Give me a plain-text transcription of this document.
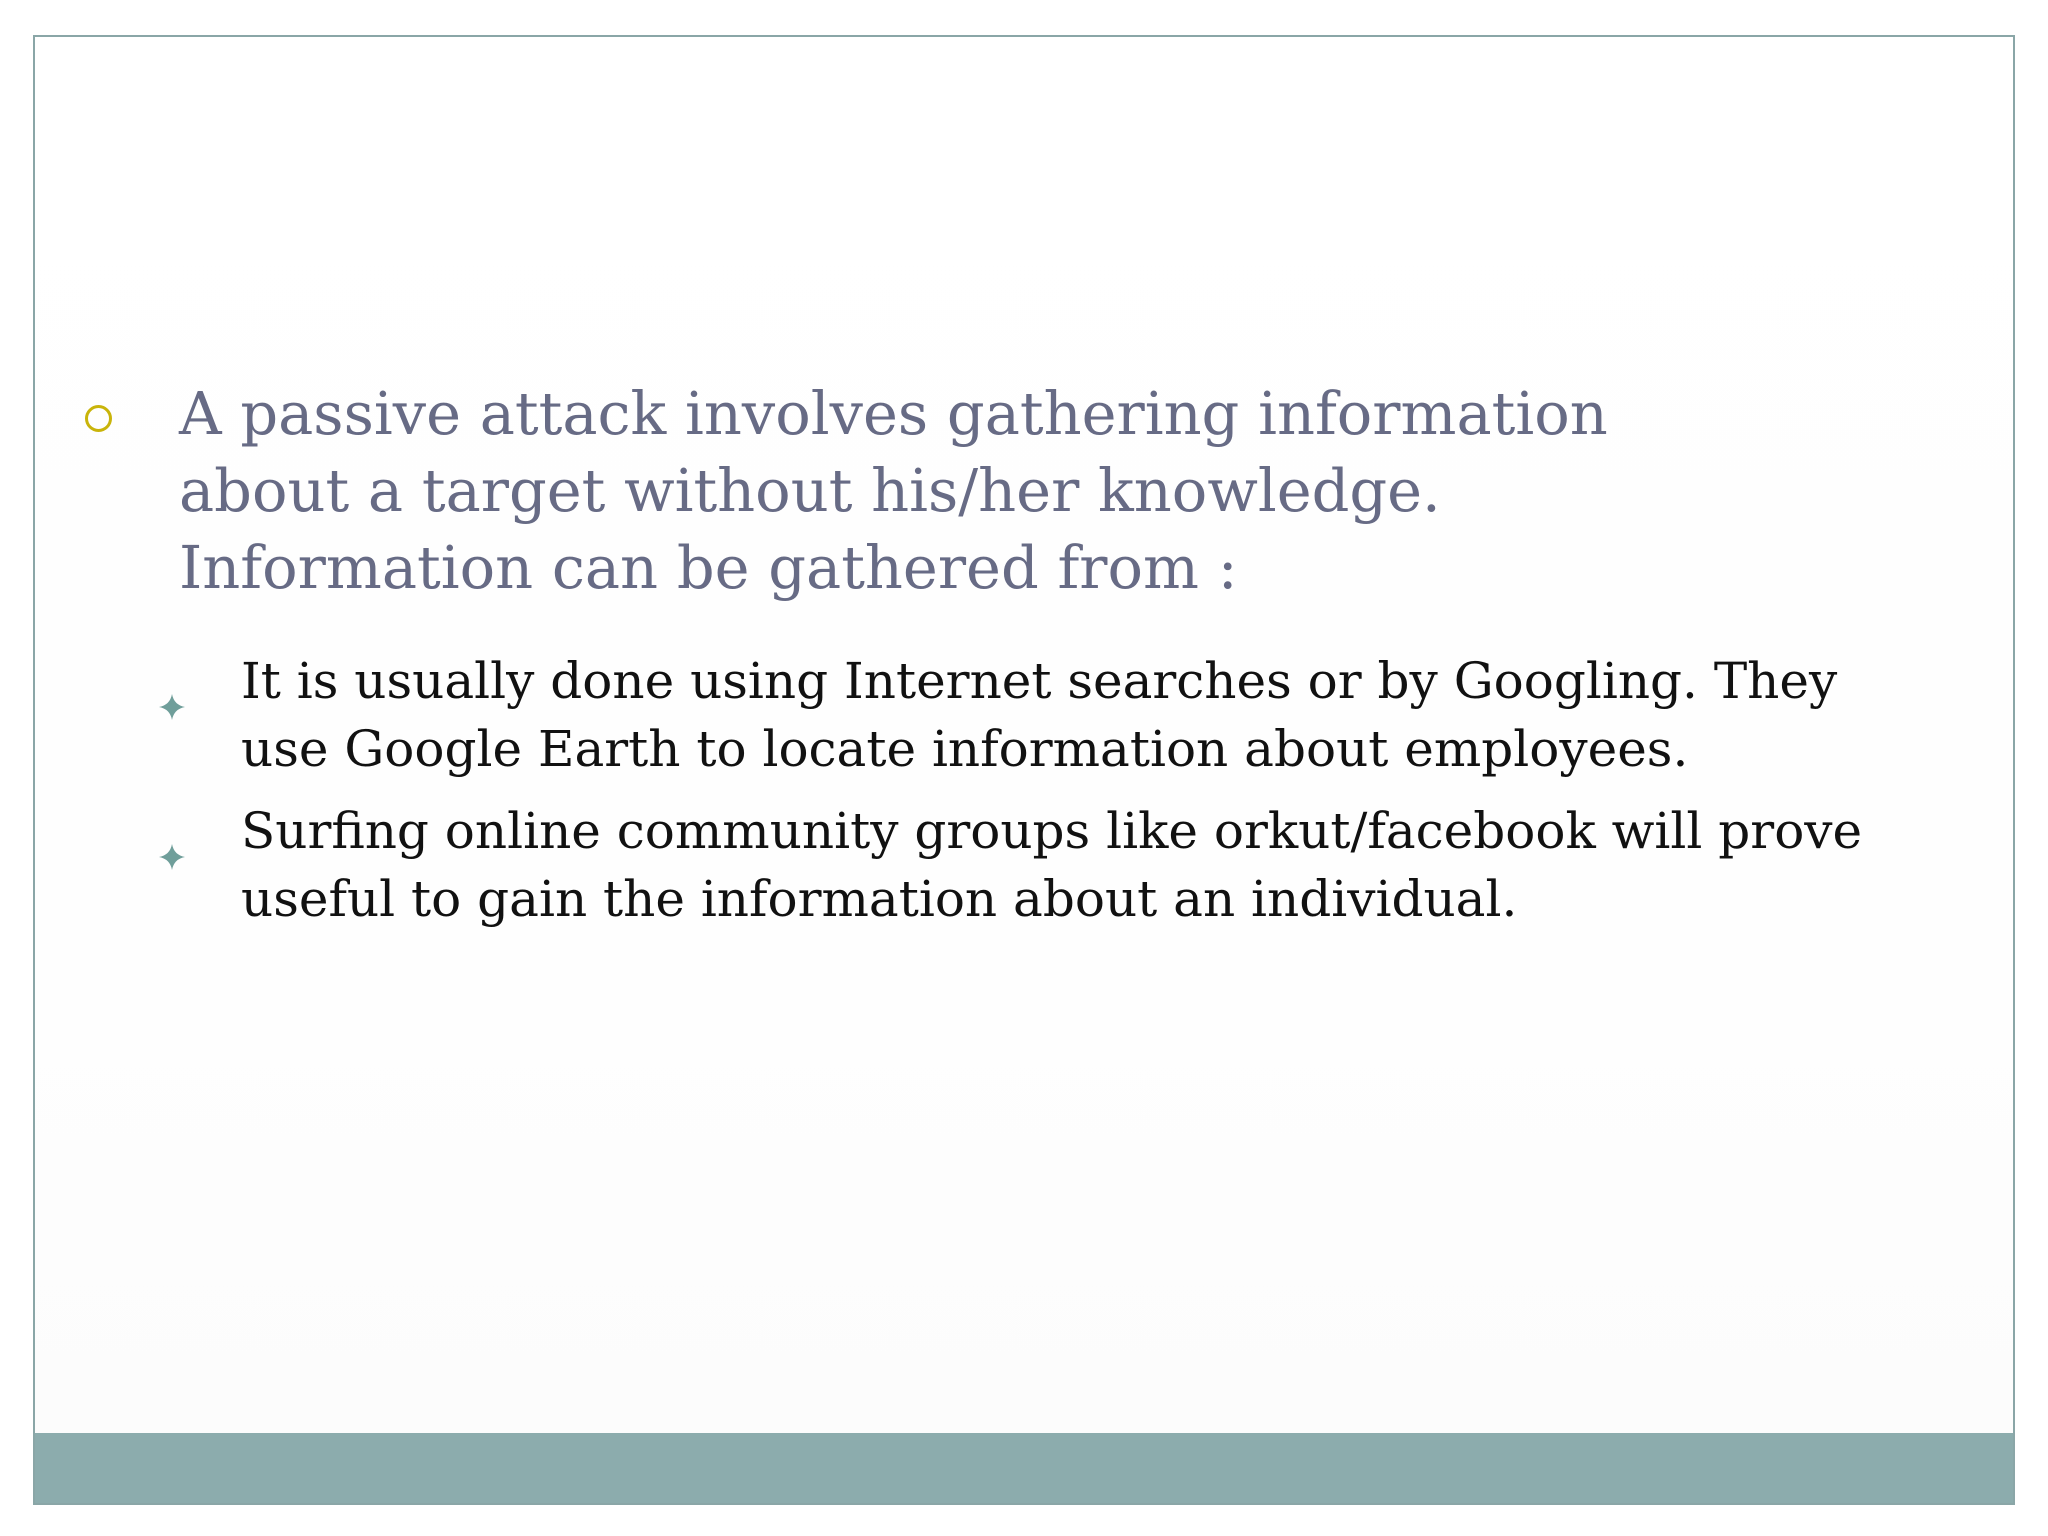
A passive attack involves gathering information about a target without his/her knowledge. Information can be gathered from :
It is usually done using Internet searches or by Googling. They use Google Earth to locate information about employees.
Surfing online community groups like orkut/facebook will prove useful to gain the information about an individual.
